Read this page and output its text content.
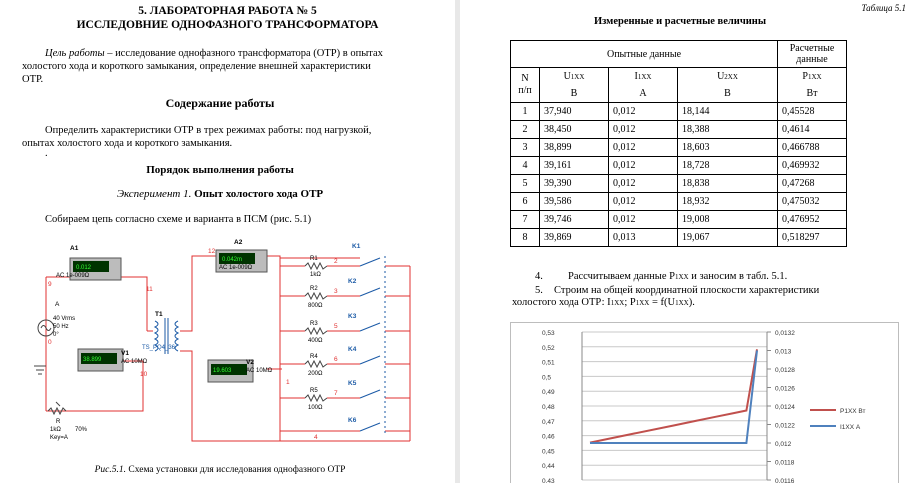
5. ЛАБОРАТОРНАЯ РАБОТА № 5
ИССЛЕДОВНИЕ ОДНОФАЗНОГО ТРАНСФОРМАТОРА
Цель работы – исследование однофазного трансформатора (ОТР) в опытах
холостого хода и короткого замыкания, определение внешней характеристики
ОТР.
Содержание работы
Определить характеристики ОТР в трех режимах работы: под нагрузкой,
опытах холостого хода и короткого замыкания.
.
Порядок выполнения работы
Эксперимент 1. Опыт холостого хода ОТР
Собираем цепь согласно схеме и варианта в ПСМ (рис. 5.1)
0.012
A1
AC 1e-009Ω
0.042m
A2
AC 1e-009Ω
38.899
V1
AC 10MΩ
19.603
V2
AC 10MΩ
A
40 Vrms
50 Hz
0°
T1
TS_PQ4_36
R
1kΩ 70%
Key=A
R1
1kΩ
R2
800Ω
R3
400Ω
R4
200Ω
R5
100Ω
K1
K2
K3
K4
K5
K6
9
11
0
10
12
1
2
3
5
6
7
4
Рис.5.1. Схема установки для исследования однофазного ОТР
Таблица 5.1
Измеренные и расчетные величины
Опытные данные				Расчетные
данные
N
п/п	U1XX	I1XX	U2XX	P1XX
	В	А	В	Вт
1	37,940	0,012	18,144	0,45528
2	38,450	0,012	18,388	0,4614
3	38,899	0,012	18,603	0,466788
4	39,161	0,012	18,728	0,469932
5	39,390	0,012	18,838	0,47268
6	39,586	0,012	18,932	0,475032
7	39,746	0,012	19,008	0,476952
8	39,869	0,013	19,067	0,518297
4. Рассчитываем данные P1XX и заносим в табл. 5.1.
5. Строим на общей координатной плоскости характеристики
холостого хода ОТР: I1XX; P1XX = f(U1XX).
0,53
0,52
0,51
0,5
0,49
0,48
0,47
0,46
0,45
0,44
0,43
0,0132
0,013
0,0128
0,0126
0,0124
0,0122
0,012
0,0118
0,0116
P1XX Вт
I1XX А
